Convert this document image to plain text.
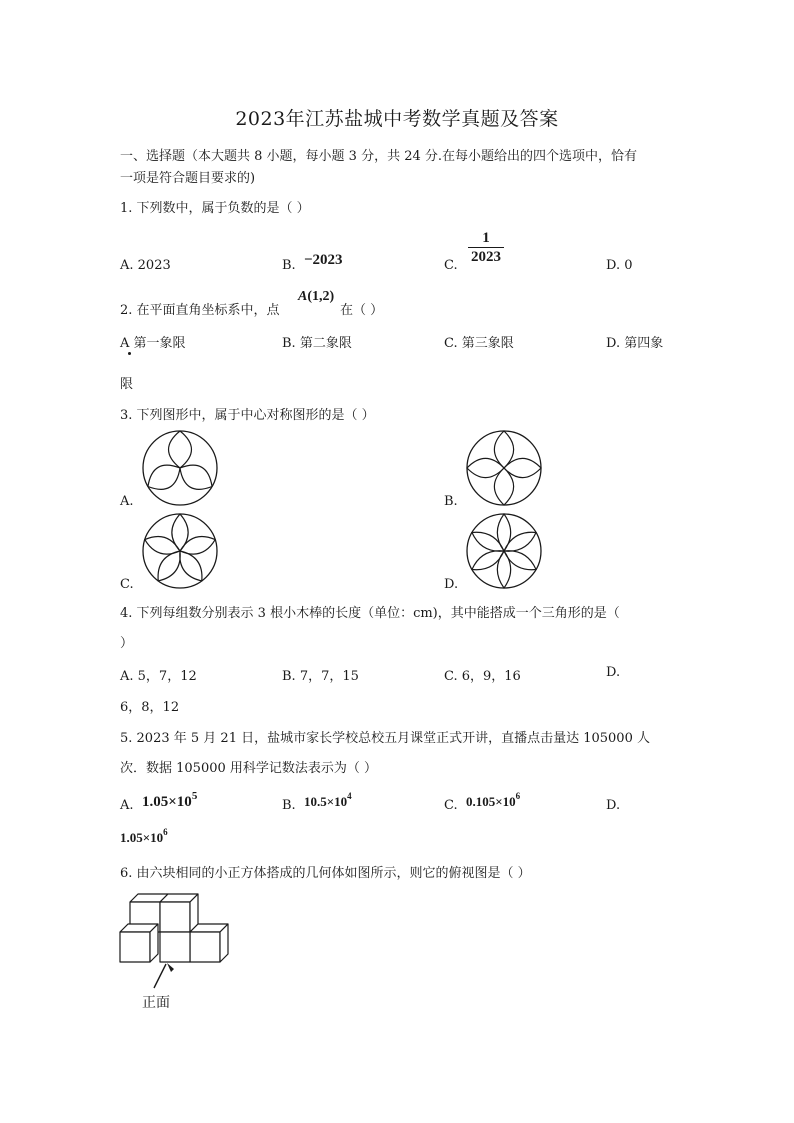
2023年江苏盐城中考数学真题及答案
一、选择题（本大题共 8 小题，每小题 3 分，共 24 分.在每小题给出的四个选项中，恰有
一项是符合题目要求的)
1. 下列数中，属于负数的是（ ）
A. 2023	B. −2023	C.
1
2023
D. 0
2. 在平面直角坐标系中，点
A(1,2)
在（ ）
A 第一象限	B. 第二象限	C. 第三象限	D. 第四象
限
3. 下列图形中，属于中心对称图形的是（ ）
A.	B.
C.	D.
4. 下列每组数分别表示 3 根小木棒的长度（单位：cm)，其中能搭成一个三角形的是（
）
A. 5，7，12	B. 7，7，15	C. 6，9，16	D.
6，8，12
5. 2023 年 5 月 21 日，盐城市家长学校总校五月课堂正式开讲，直播点击量达 105000 人
次．数据 105000 用科学记数法表示为（ ）
A. $1.05\times 10^5$
B. $10.5\times 10^4$
C. $0.105\times 10^6$
D.
$1.05\times 10^6$
6. 由六块相同的小正方体搭成的几何体如图所示，则它的俯视图是（ ）
正面
